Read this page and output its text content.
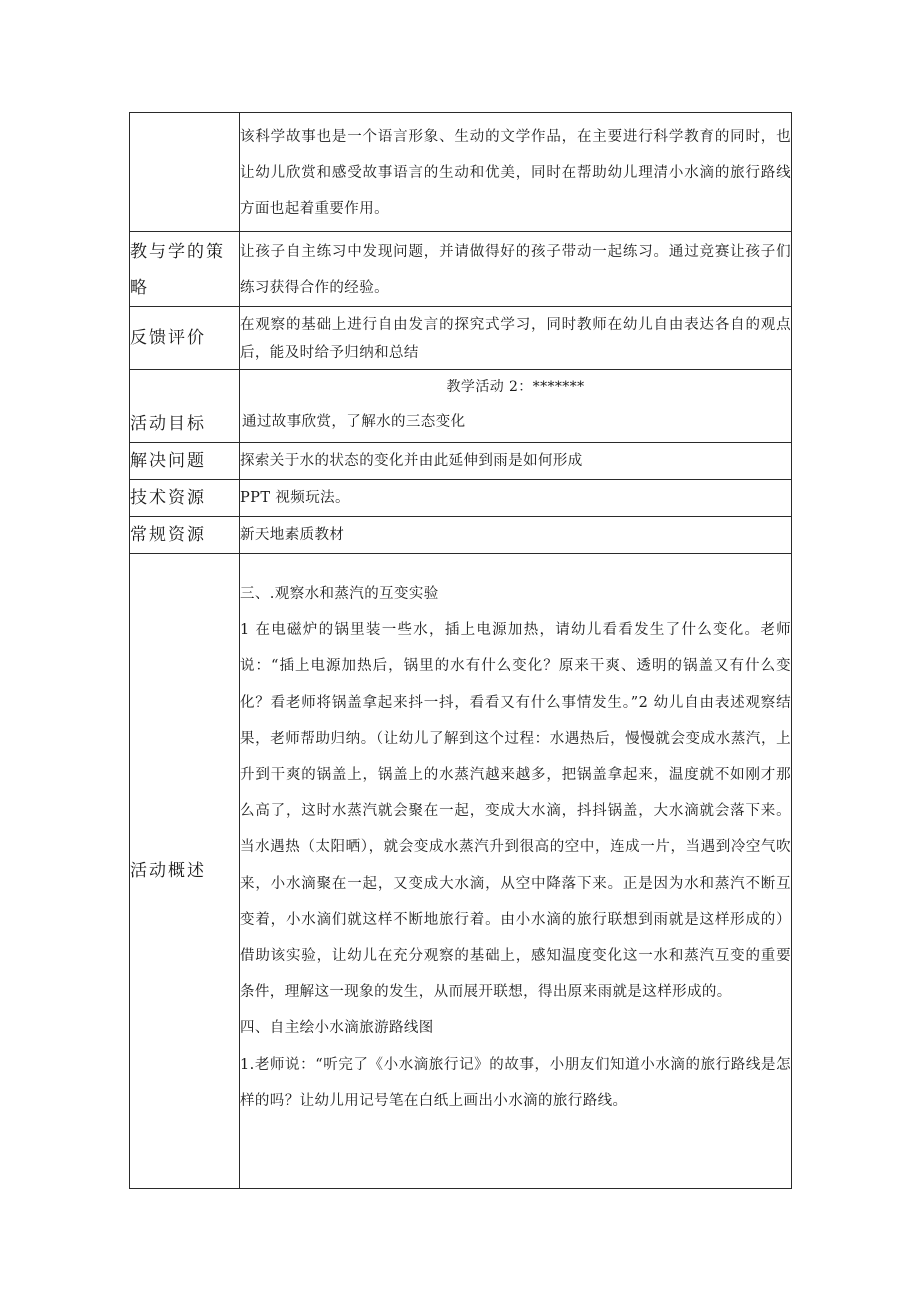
	该科学故事也是一个语言形象、生动的文学作品，在主要进行科学教育的同时，也让幼儿欣赏和感受故事语言的生动和优美，同时在帮助幼儿理清小水滴的旅行路线方面也起着重要作用。
教与学的策略	让孩子自主练习中发现问题，并请做得好的孩子带动一起练习。通过竞赛让孩子们练习获得合作的经验。
反馈评价	在观察的基础上进行自由发言的探究式学习，同时教师在幼儿自由表达各自的观点后，能及时给予归纳和总结
活动目标	教学活动 2：*******
通过故事欣赏，了解水的三态变化

解决问题	探索关于水的状态的变化并由此延伸到雨是如何形成
技术资源	PPT 视频玩法。
常规资源	新天地素质教材
活动概述	三、.观察水和蒸汽的互变实验

1 在电磁炉的锅里装一些水，插上电源加热，请幼儿看看发生了什么变化。老师说：“插上电源加热后，锅里的水有什么变化？原来干爽、透明的锅盖又有什么变化？看老师将锅盖拿起来抖一抖，看看又有什么事情发生。”2 幼儿自由表述观察结果，老师帮助归纳。（让幼儿了解到这个过程：水遇热后，慢慢就会变成水蒸汽，上升到干爽的锅盖上，锅盖上的水蒸汽越来越多，把锅盖拿起来，温度就不如刚才那么高了，这时水蒸汽就会聚在一起，变成大水滴，抖抖锅盖，大水滴就会落下来。当水遇热（太阳晒），就会变成水蒸汽升到很高的空中，连成一片，当遇到冷空气吹来，小水滴聚在一起，又变成大水滴，从空中降落下来。正是因为水和蒸汽不断互变着，小水滴们就这样不断地旅行着。由小水滴的旅行联想到雨就是这样形成的）借助该实验，让幼儿在充分观察的基础上，感知温度变化这一水和蒸汽互变的重要条件，理解这一现象的发生，从而展开联想，得出原来雨就是这样形成的。

四、自主绘小水滴旅游路线图

1.老师说：“听完了《小水滴旅行记》的故事，小朋友们知道小水滴的旅行路线是怎样的吗？让幼儿用记号笔在白纸上画出小水滴的旅行路线。
